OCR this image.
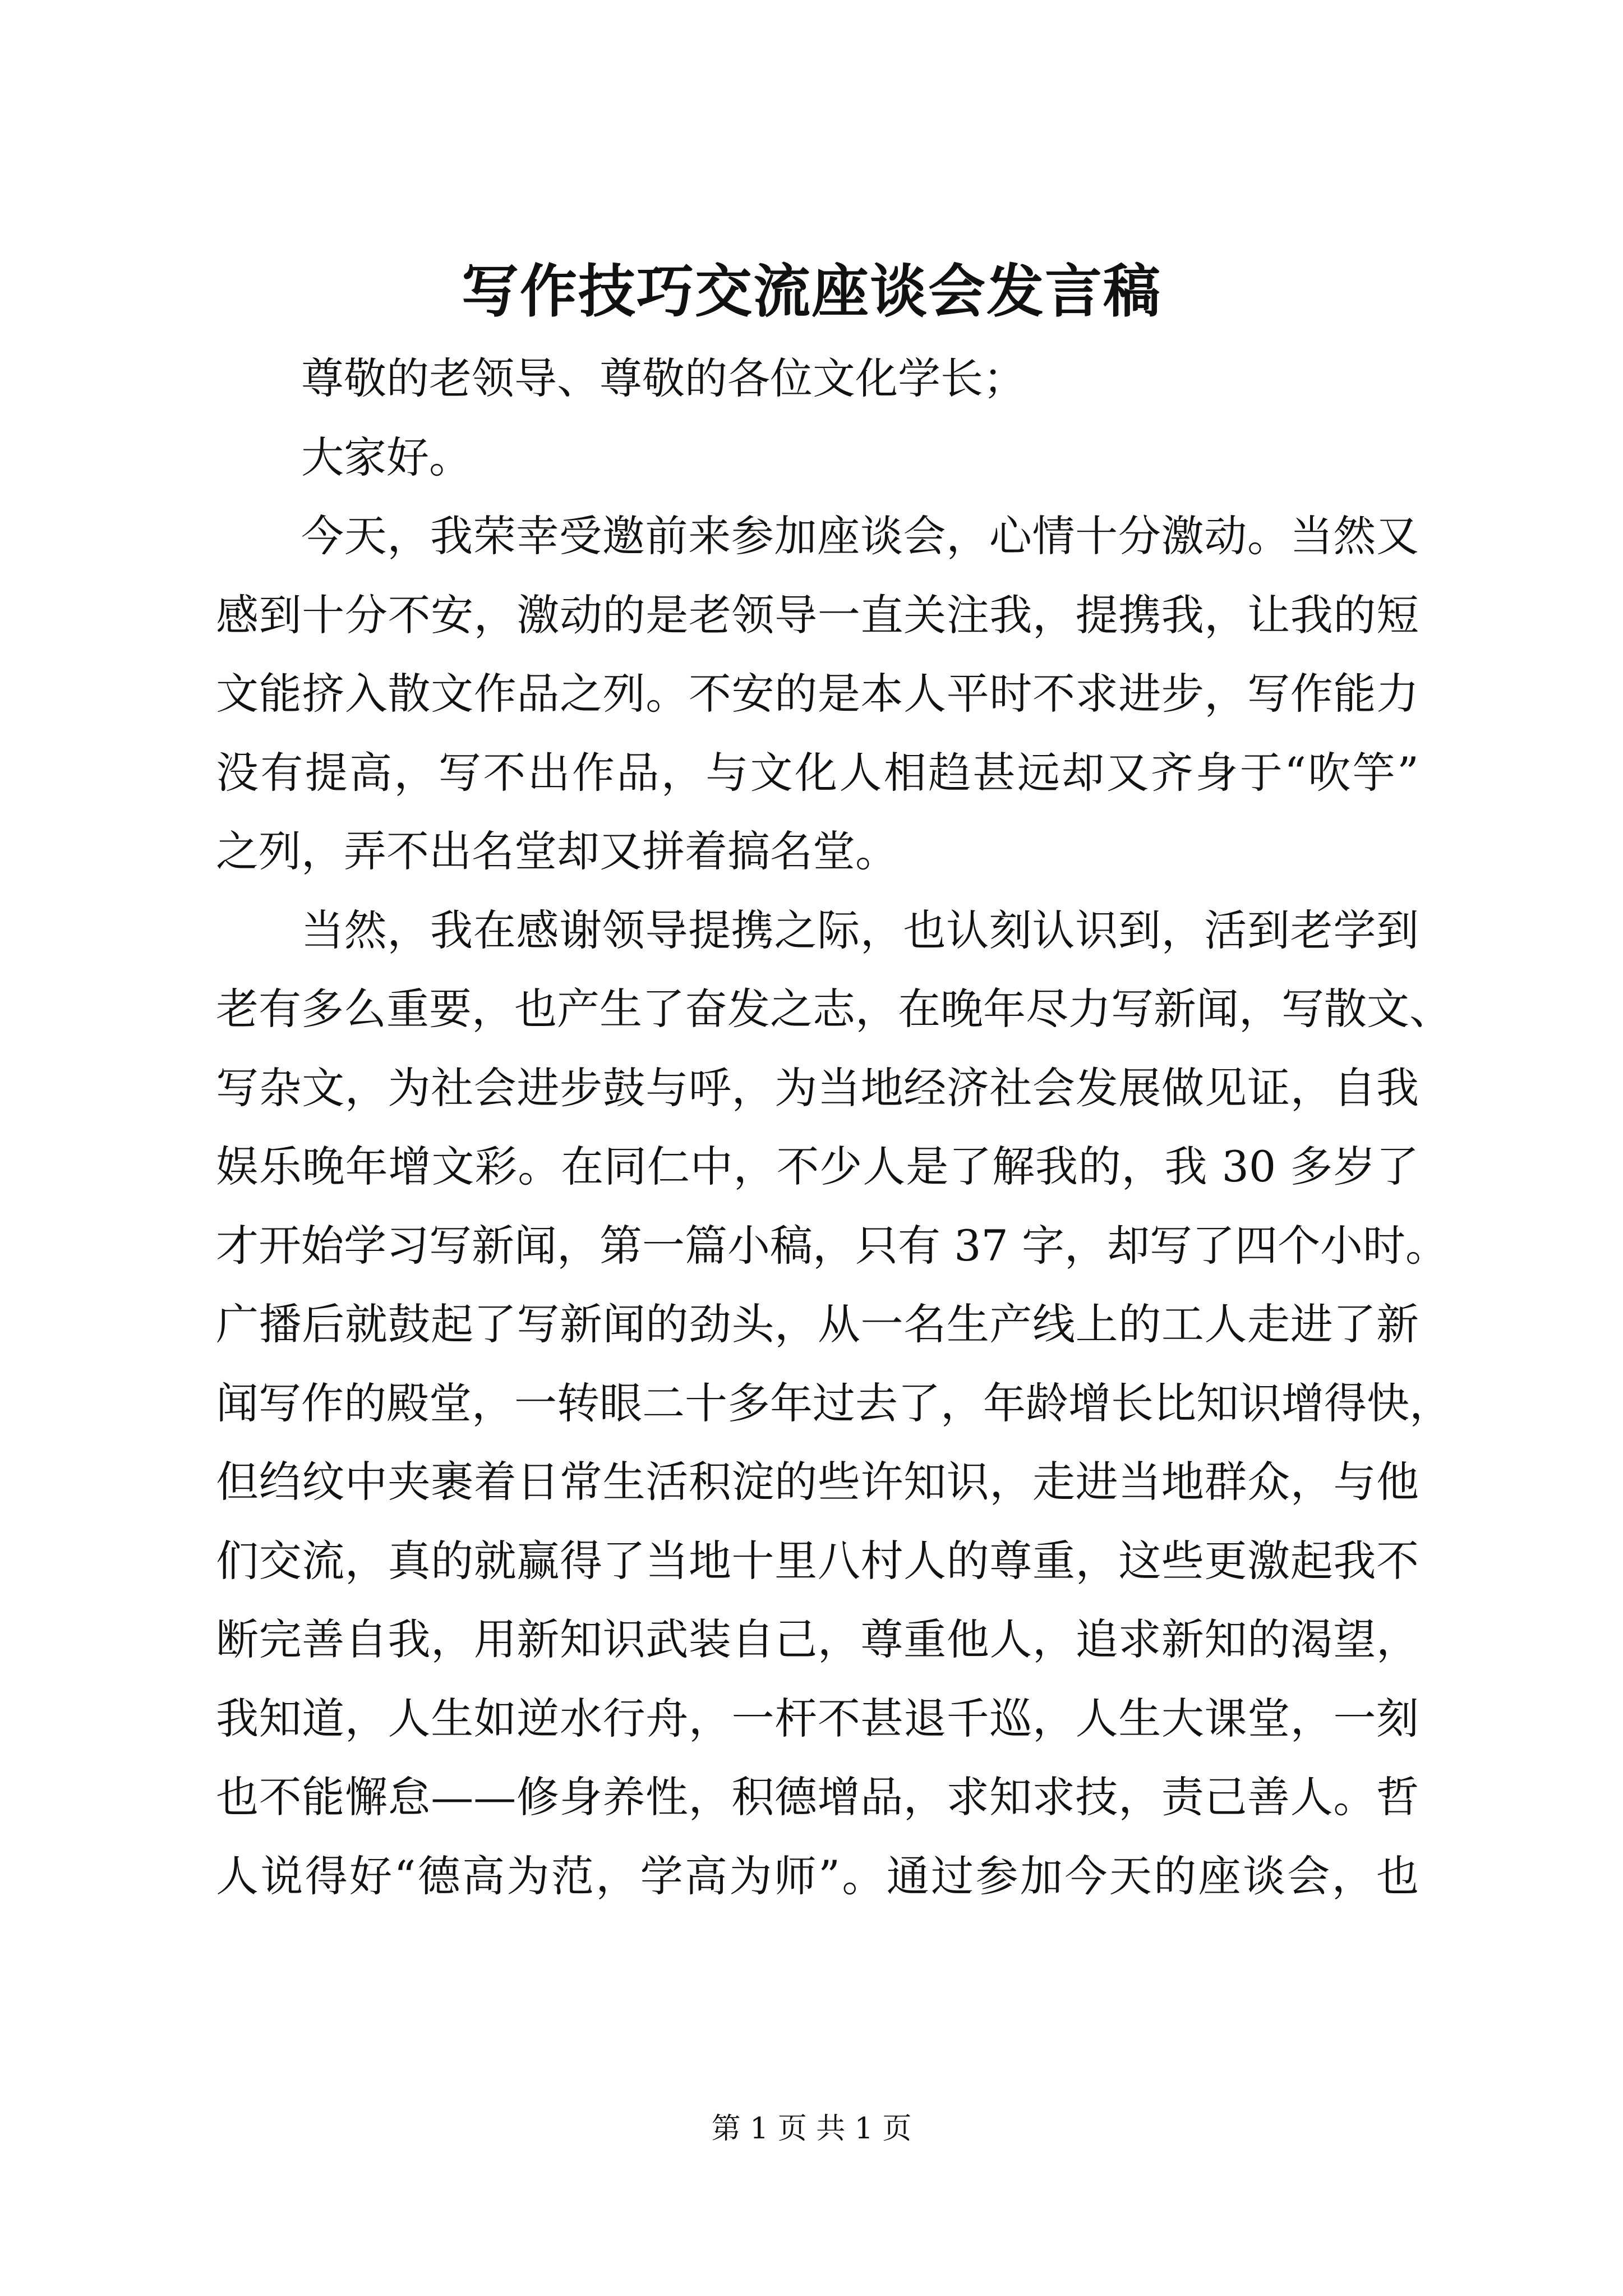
写作技巧交流座谈会发言稿
尊敬的老领导、尊敬的各位文化学长；
大家好。
今天，我荣幸受邀前来参加座谈会，心情十分激动。当然又
感到十分不安，激动的是老领导一直关注我，提携我，让我的短
文能挤入散文作品之列。不安的是本人平时不求进步，写作能力
没有提高，写不出作品，与文化人相趋甚远却又齐身于“吹竽”
之列，弄不出名堂却又拼着搞名堂。
当然，我在感谢领导提携之际，也认刻认识到，活到老学到
老有多么重要，也产生了奋发之志，在晚年尽力写新闻，写散文、
写杂文，为社会进步鼓与呼，为当地经济社会发展做见证，自我
娱乐晚年增文彩。在同仁中，不少人是了解我的，我 30 多岁了
才开始学习写新闻，第一篇小稿，只有 37 字，却写了四个小时。
广播后就鼓起了写新闻的劲头，从一名生产线上的工人走进了新
闻写作的殿堂，一转眼二十多年过去了，年龄增长比知识增得快，
但绉纹中夹裹着日常生活积淀的些许知识，走进当地群众，与他
们交流，真的就赢得了当地十里八村人的尊重，这些更激起我不
断完善自我，用新知识武装自己，尊重他人，追求新知的渴望，
我知道，人生如逆水行舟，一杆不甚退千巡，人生大课堂，一刻
也不能懈怠——修身养性，积德增品，求知求技，责己善人。哲
人说得好“德高为范，学高为师”。通过参加今天的座谈会，也
第 1 页 共 1 页
